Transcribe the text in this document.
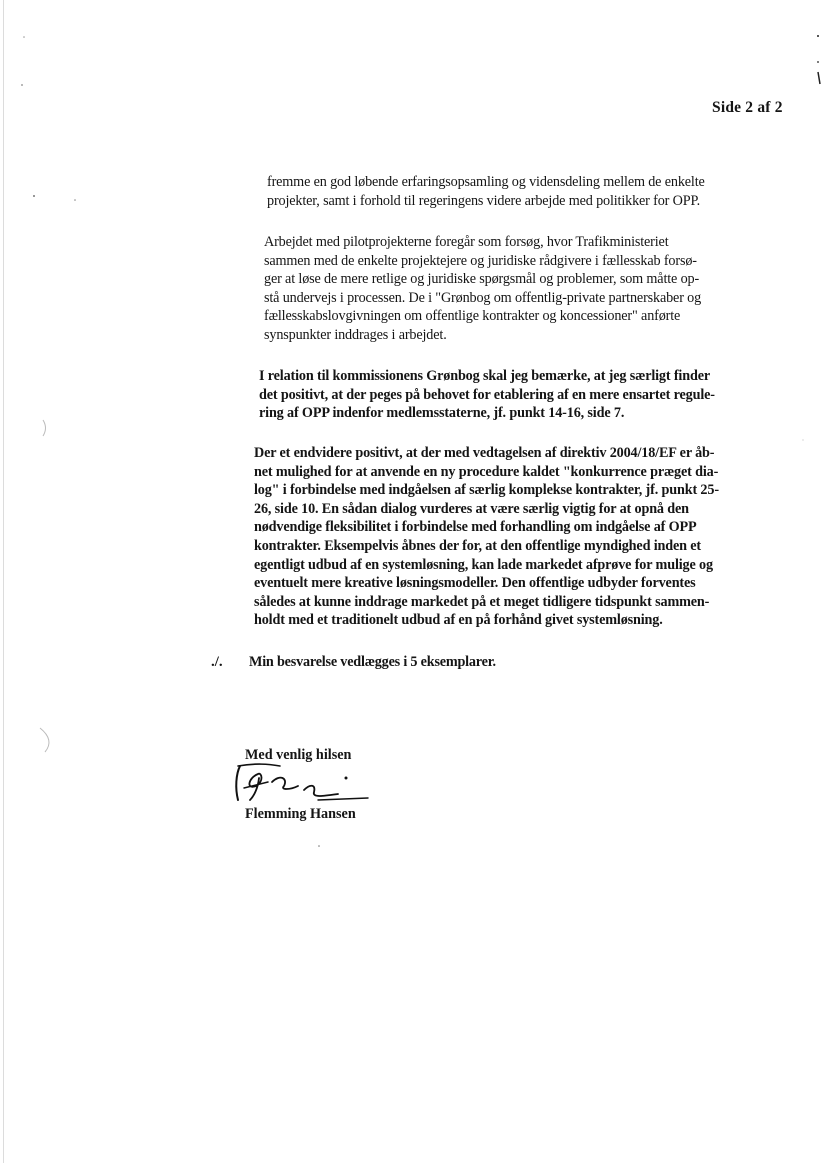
Side 2 af 2

fremme en god løbende erfaringsopsamling og vidensdeling mellem de enkelte
projekter, samt i forhold til regeringens videre arbejde med politikker for OPP.

Arbejdet med pilotprojekterne foregår som forsøg, hvor Trafikministeriet
sammen med de enkelte projektejere og juridiske rådgivere i fællesskab forsø-
ger at løse de mere retlige og juridiske spørgsmål og problemer, som måtte op-
stå undervejs i processen. De i "Grønbog om offentlig-private partnerskaber og
fællesskabslovgivningen om offentlige kontrakter og koncessioner" anførte
synspunkter inddrages i arbejdet.

I relation til kommissionens Grønbog skal jeg bemærke, at jeg særligt finder
det positivt, at der peges på behovet for etablering af en mere ensartet regule-
ring af OPP indenfor medlemsstaterne, jf. punkt 14-16, side 7.

Der et endvidere positivt, at der med vedtagelsen af direktiv 2004/18/EF er åb-
net mulighed for at anvende en ny procedure kaldet "konkurrence præget dia-
log" i forbindelse med indgåelsen af særlig komplekse kontrakter, jf. punkt 25-
26, side 10. En sådan dialog vurderes at være særlig vigtig for at opnå den
nødvendige fleksibilitet i forbindelse med forhandling om indgåelse af OPP
kontrakter. Eksempelvis åbnes der for, at den offentlige myndighed inden et
egentligt udbud af en systemløsning, kan lade markedet afprøve for mulige og
eventuelt mere kreative løsningsmodeller. Den offentlige udbyder forventes
således at kunne inddrage markedet på et meget tidligere tidspunkt sammen-
holdt med et traditionelt udbud af en på forhånd givet systemløsning.

./. Min besvarelse vedlægges i 5 eksemplarer.
Med venlig hilsen
Flemming Hansen
